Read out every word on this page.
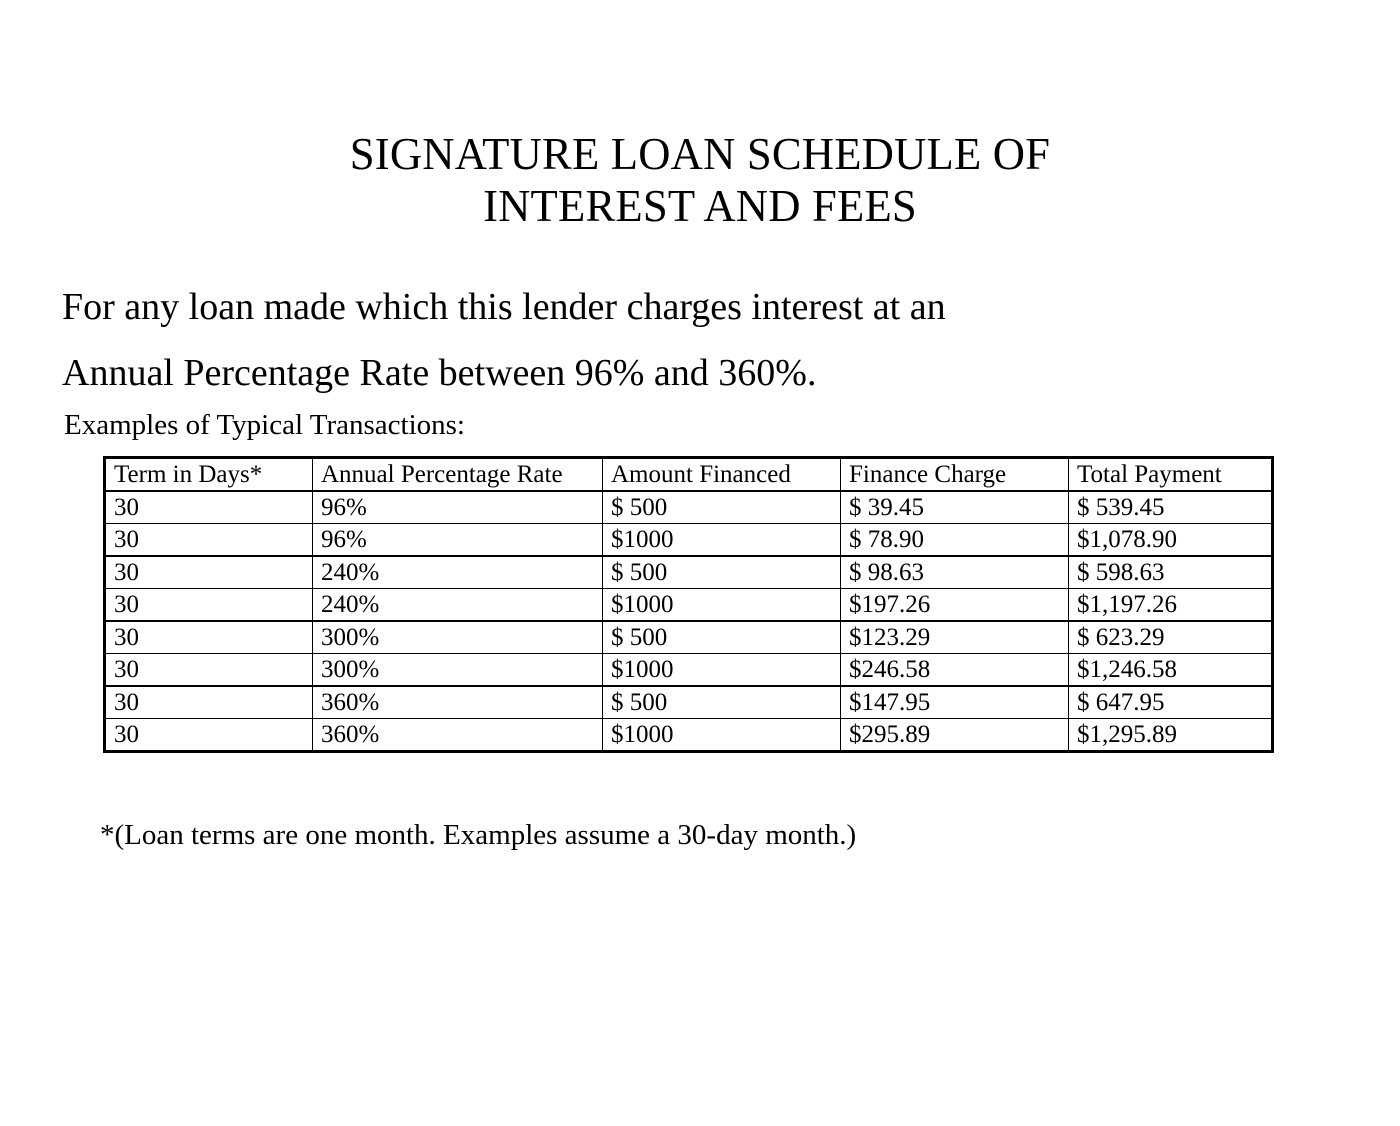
SIGNATURE LOAN SCHEDULE OF
INTEREST AND FEES

For any loan made which this lender charges interest at an
Annual Percentage Rate between 96% and 360%.

Examples of Typical Transactions:

Term in Days*	Annual Percentage Rate	Amount Financed	Finance Charge	Total Payment
30	96%	$ 500	$ 39.45	$ 539.45
30	96%	$1000	$ 78.90	$1,078.90
30	240%	$ 500	$ 98.63	$ 598.63
30	240%	$1000	$197.26	$1,197.26
30	300%	$ 500	$123.29	$ 623.29
30	300%	$1000	$246.58	$1,246.58
30	360%	$ 500	$147.95	$ 647.95
30	360%	$1000	$295.89	$1,295.89

*(Loan terms are one month. Examples assume a 30-day month.)
